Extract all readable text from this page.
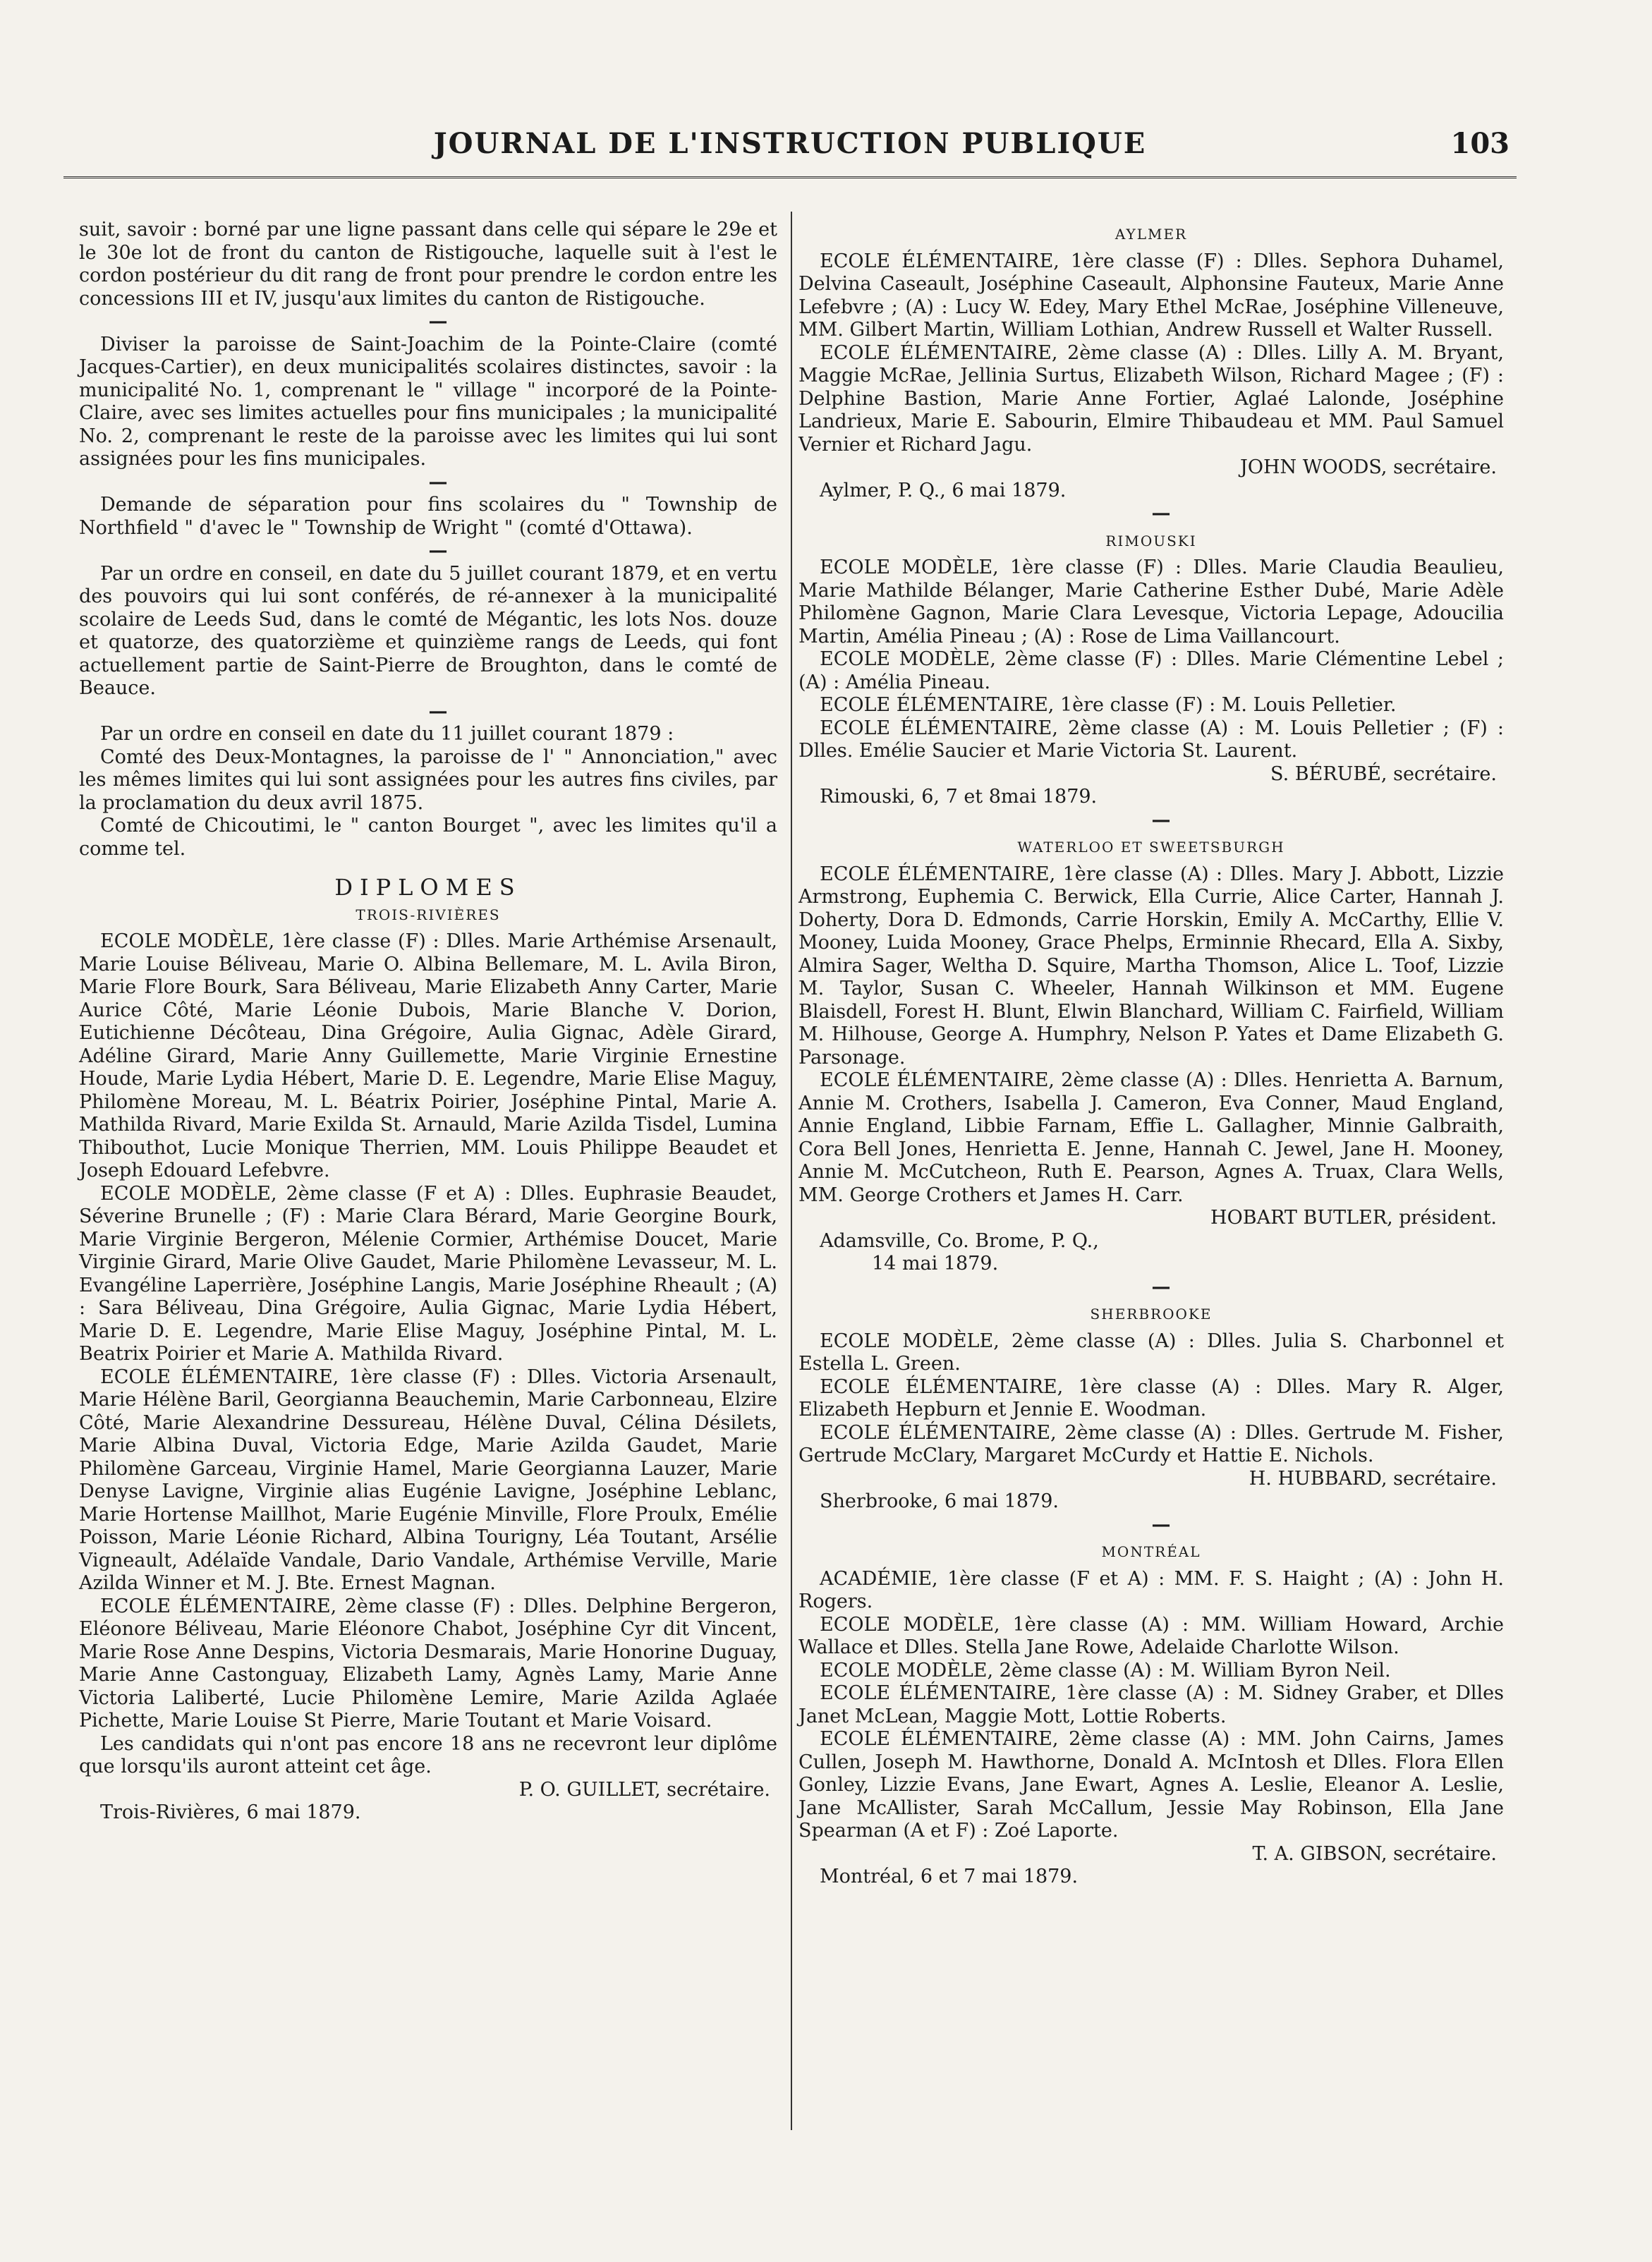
JOURNAL DE L'INSTRUCTION PUBLIQUE	103

suit, savoir : borné par une ligne passant dans celle qui sépare le 29e et le 30e lot de front du canton de Ristigouche, laquelle suit à l'est le cordon postérieur du dit rang de front pour prendre le cordon entre les concessions III et IV, jusqu'aux limites du canton de Ristigouche.

—

Diviser la paroisse de Saint-Joachim de la Pointe-Claire (comté Jacques-Cartier), en deux municipalités scolaires distinctes, savoir : la municipalité No. 1, comprenant le " village " incorporé de la Pointe-Claire, avec ses limites actuelles pour fins municipales ; la municipalité No. 2, comprenant le reste de la paroisse avec les limites qui lui sont assignées pour les fins municipales.

—

Demande de séparation pour fins scolaires du " Township de Northfield " d'avec le " Township de Wright " (comté d'Ottawa).

—

Par un ordre en conseil, en date du 5 juillet courant 1879, et en vertu des pouvoirs qui lui sont conférés, de ré-annexer à la municipalité scolaire de Leeds Sud, dans le comté de Mégantic, les lots Nos. douze et quatorze, des quatorzième et quinzième rangs de Leeds, qui font actuellement partie de Saint-Pierre de Broughton, dans le comté de Beauce.

—

Par un ordre en conseil en date du 11 juillet courant 1879 :

Comté des Deux-Montagnes, la paroisse de l' " Annonciation," avec les mêmes limites qui lui sont assignées pour les autres fins civiles, par la proclamation du deux avril 1875.

Comté de Chicoutimi, le " canton Bourget ", avec les limites qu'il a comme tel.

DIPLOMES
TROIS-RIVIÈRES

ECOLE MODÈLE, 1ère classe (F) : Dlles. Marie Arthémise Arsenault, Marie Louise Béliveau, Marie O. Albina Bellemare, M. L. Avila Biron, Marie Flore Bourk, Sara Béliveau, Marie Elizabeth Anny Carter, Marie Aurice Côté, Marie Léonie Dubois, Marie Blanche V. Dorion, Eutichienne Décôteau, Dina Grégoire, Aulia Gignac, Adèle Girard, Adéline Girard, Marie Anny Guillemette, Marie Virginie Ernestine Houde, Marie Lydia Hébert, Marie D. E. Legendre, Marie Elise Maguy, Philomène Moreau, M. L. Béatrix Poirier, Joséphine Pintal, Marie A. Mathilda Rivard, Marie Exilda St. Arnauld, Marie Azilda Tisdel, Lumina Thibouthot, Lucie Monique Therrien, MM. Louis Philippe Beaudet et Joseph Edouard Lefebvre.

ECOLE MODÈLE, 2ème classe (F et A) : Dlles. Euphrasie Beaudet, Séverine Brunelle ; (F) : Marie Clara Bérard, Marie Georgine Bourk, Marie Virginie Bergeron, Mélenie Cormier, Arthémise Doucet, Marie Virginie Girard, Marie Olive Gaudet, Marie Philomène Levasseur, M. L. Evangéline Laperrière, Joséphine Langis, Marie Joséphine Rheault ; (A) : Sara Béliveau, Dina Grégoire, Aulia Gignac, Marie Lydia Hébert, Marie D. E. Legendre, Marie Elise Maguy, Joséphine Pintal, M. L. Beatrix Poirier et Marie A. Mathilda Rivard.

ECOLE ÉLÉMENTAIRE, 1ère classe (F) : Dlles. Victoria Arsenault, Marie Hélène Baril, Georgianna Beauchemin, Marie Carbonneau, Elzire Côté, Marie Alexandrine Dessureau, Hélène Duval, Célina Désilets, Marie Albina Duval, Victoria Edge, Marie Azilda Gaudet, Marie Philomène Garceau, Virginie Hamel, Marie Georgianna Lauzer, Marie Denyse Lavigne, Virginie alias Eugénie Lavigne, Joséphine Leblanc, Marie Hortense Maillhot, Marie Eugénie Minville, Flore Proulx, Emélie Poisson, Marie Léonie Richard, Albina Tourigny, Léa Toutant, Arsélie Vigneault, Adélaïde Vandale, Dario Vandale, Arthémise Verville, Marie Azilda Winner et M. J. Bte. Ernest Magnan.

ECOLE ÉLÉMENTAIRE, 2ème classe (F) : Dlles. Delphine Bergeron, Eléonore Béliveau, Marie Eléonore Chabot, Joséphine Cyr dit Vincent, Marie Rose Anne Despins, Victoria Desmarais, Marie Honorine Duguay, Marie Anne Castonguay, Elizabeth Lamy, Agnès Lamy, Marie Anne Victoria Laliberté, Lucie Philomène Lemire, Marie Azilda Aglaée Pichette, Marie Louise St Pierre, Marie Toutant et Marie Voisard.

Les candidats qui n'ont pas encore 18 ans ne recevront leur diplôme que lorsqu'ils auront atteint cet âge.

P. O. GUILLET, secrétaire.

Trois-Rivières, 6 mai 1879.

AYLMER

ECOLE ÉLÉMENTAIRE, 1ère classe (F) : Dlles. Sephora Duhamel, Delvina Caseault, Joséphine Caseault, Alphonsine Fauteux, Marie Anne Lefebvre ; (A) : Lucy W. Edey, Mary Ethel McRae, Joséphine Villeneuve, MM. Gilbert Martin, William Lothian, Andrew Russell et Walter Russell.

ECOLE ÉLÉMENTAIRE, 2ème classe (A) : Dlles. Lilly A. M. Bryant, Maggie McRae, Jellinia Surtus, Elizabeth Wilson, Richard Magee ; (F) : Delphine Bastion, Marie Anne Fortier, Aglaé Lalonde, Joséphine Landrieux, Marie E. Sabourin, Elmire Thibaudeau et MM. Paul Samuel Vernier et Richard Jagu.

JOHN WOODS, secrétaire.

Aylmer, P. Q., 6 mai 1879.

—

RIMOUSKI

ECOLE MODÈLE, 1ère classe (F) : Dlles. Marie Claudia Beaulieu, Marie Mathilde Bélanger, Marie Catherine Esther Dubé, Marie Adèle Philomène Gagnon, Marie Clara Levesque, Victoria Lepage, Adoucilia Martin, Amélia Pineau ; (A) : Rose de Lima Vaillancourt.

ECOLE MODÈLE, 2ème classe (F) : Dlles. Marie Clémentine Lebel ; (A) : Amélia Pineau.

ECOLE ÉLÉMENTAIRE, 1ère classe (F) : M. Louis Pelletier.

ECOLE ÉLÉMENTAIRE, 2ème classe (A) : M. Louis Pelletier ; (F) : Dlles. Emélie Saucier et Marie Victoria St. Laurent.

S. BÉRUBÉ, secrétaire.

Rimouski, 6, 7 et 8mai 1879.

—

WATERLOO ET SWEETSBURGH

ECOLE ÉLÉMENTAIRE, 1ère classe (A) : Dlles. Mary J. Abbott, Lizzie Armstrong, Euphemia C. Berwick, Ella Currie, Alice Carter, Hannah J. Doherty, Dora D. Edmonds, Carrie Horskin, Emily A. McCarthy, Ellie V. Mooney, Luida Mooney, Grace Phelps, Erminnie Rhecard, Ella A. Sixby, Almira Sager, Weltha D. Squire, Martha Thomson, Alice L. Toof, Lizzie M. Taylor, Susan C. Wheeler, Hannah Wilkinson et MM. Eugene Blaisdell, Forest H. Blunt, Elwin Blanchard, William C. Fairfield, William M. Hilhouse, George A. Humphry, Nelson P. Yates et Dame Elizabeth G. Parsonage.

ECOLE ÉLÉMENTAIRE, 2ème classe (A) : Dlles. Henrietta A. Barnum, Annie M. Crothers, Isabella J. Cameron, Eva Conner, Maud England, Annie England, Libbie Farnam, Effie L. Gallagher, Minnie Galbraith, Cora Bell Jones, Henrietta E. Jenne, Hannah C. Jewel, Jane H. Mooney, Annie M. McCutcheon, Ruth E. Pearson, Agnes A. Truax, Clara Wells, MM. George Crothers et James H. Carr.

HOBART BUTLER, président.

Adamsville, Co. Brome, P. Q.,

14 mai 1879.

—

SHERBROOKE

ECOLE MODÈLE, 2ème classe (A) : Dlles. Julia S. Charbonnel et Estella L. Green.

ECOLE ÉLÉMENTAIRE, 1ère classe (A) : Dlles. Mary R. Alger, Elizabeth Hepburn et Jennie E. Woodman.

ECOLE ÉLÉMENTAIRE, 2ème classe (A) : Dlles. Gertrude M. Fisher, Gertrude McClary, Margaret McCurdy et Hattie E. Nichols.

H. HUBBARD, secrétaire.

Sherbrooke, 6 mai 1879.

—

MONTRÉAL

ACADÉMIE, 1ère classe (F et A) : MM. F. S. Haight ; (A) : John H. Rogers.

ECOLE MODÈLE, 1ère classe (A) : MM. William Howard, Archie Wallace et Dlles. Stella Jane Rowe, Adelaide Charlotte Wilson.

ECOLE MODÈLE, 2ème classe (A) : M. William Byron Neil.

ECOLE ÉLÉMENTAIRE, 1ère classe (A) : M. Sidney Graber, et Dlles Janet McLean, Maggie Mott, Lottie Roberts.

ECOLE ÉLÉMENTAIRE, 2ème classe (A) : MM. John Cairns, James Cullen, Joseph M. Hawthorne, Donald A. McIntosh et Dlles. Flora Ellen Gonley, Lizzie Evans, Jane Ewart, Agnes A. Leslie, Eleanor A. Leslie, Jane McAllister, Sarah McCallum, Jessie May Robinson, Ella Jane Spearman (A et F) : Zoé Laporte.

T. A. GIBSON, secrétaire.

Montréal, 6 et 7 mai 1879.
